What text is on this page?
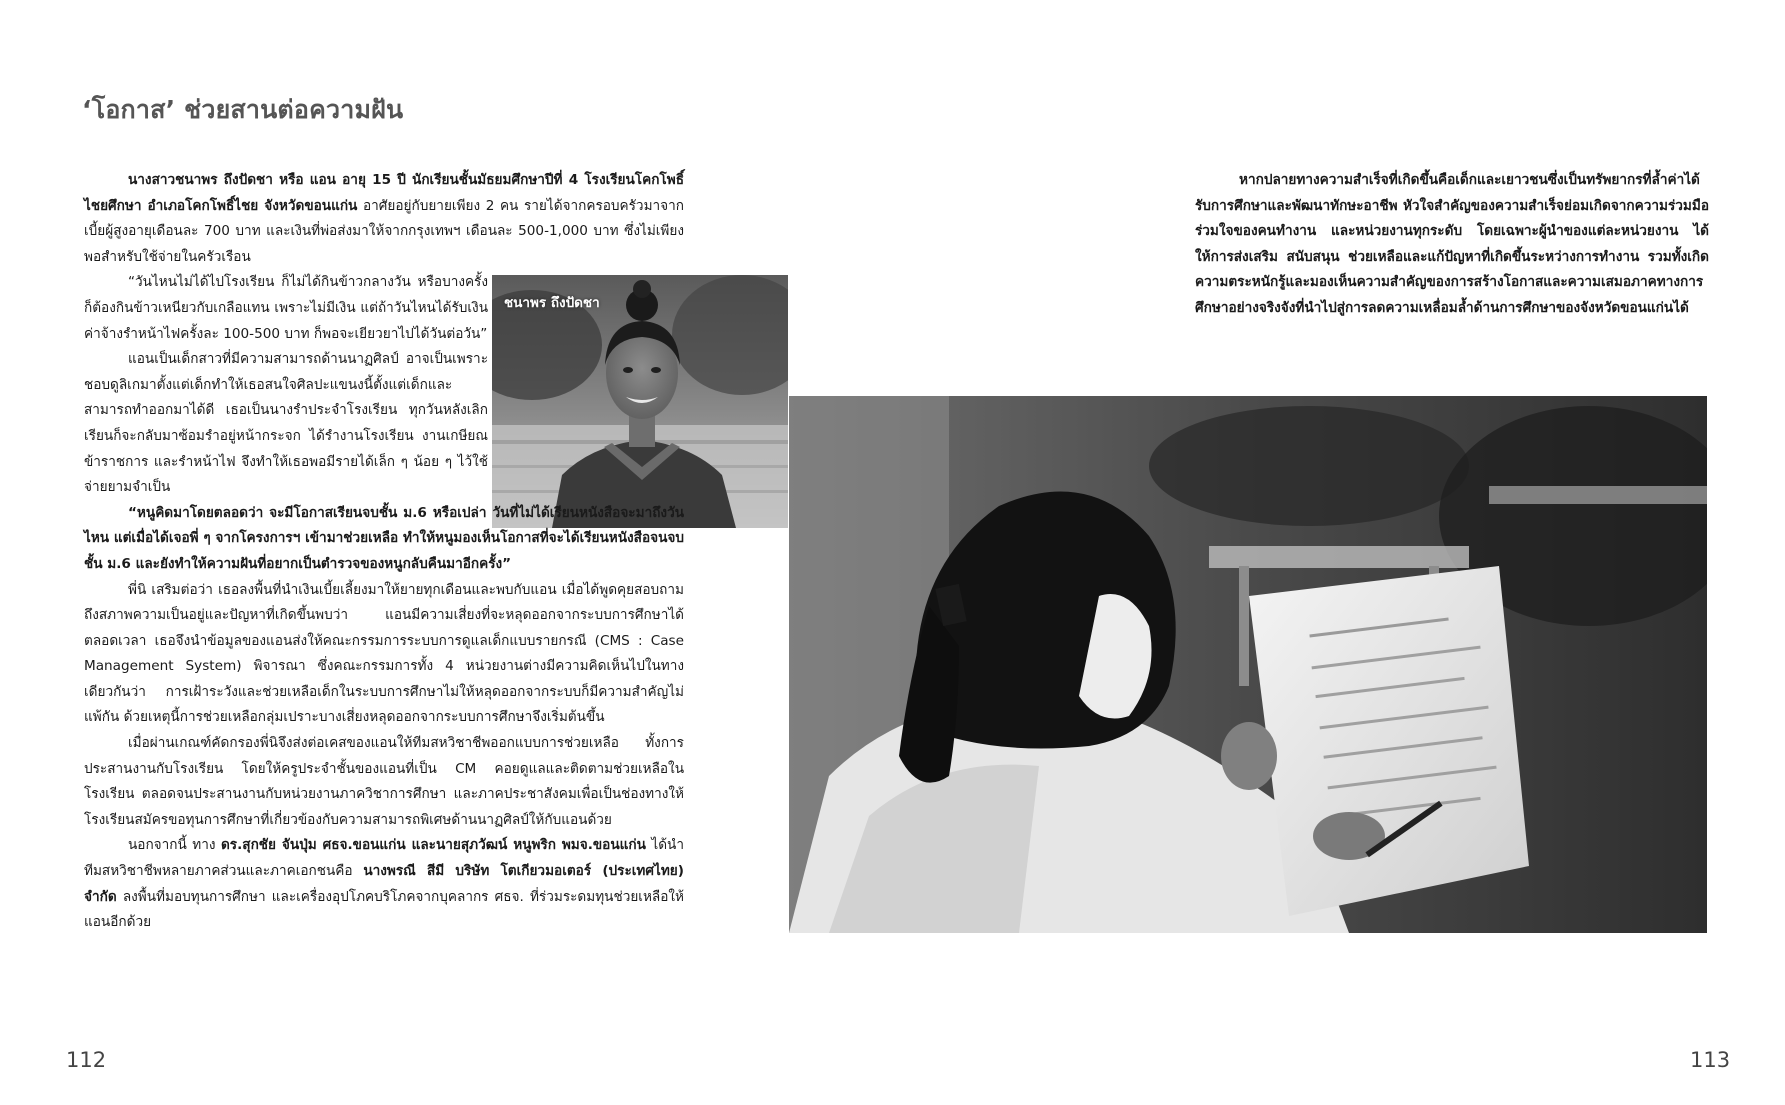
‘โอกาส’ ช่วยสานต่อความฝัน
ชนาพร ถึงปัดชา

นางสาวชนาพร ถึงปัดชา หรือ แอน อายุ 15 ปี นักเรียนชั้นมัธยมศึกษาปีที่ 4 โรงเรียนโคกโพธิ์ไชยศึกษา อำเภอโคกโพธิ์ไชย จังหวัดขอนแก่น อาศัยอยู่กับยายเพียง 2 คน รายได้จากครอบครัวมาจากเบี้ยผู้สูงอายุเดือนละ 700 บาท และเงินที่พ่อส่งมาให้จากกรุงเทพฯ เดือนละ 500-1,000 บาท ซึ่งไม่เพียงพอสำหรับใช้จ่ายในครัวเรือน

“วันไหนไม่ได้ไปโรงเรียน ก็ไม่ได้กินข้าวกลางวัน หรือบางครั้งก็ต้องกินข้าวเหนียวกับเกลือแทน เพราะไม่มีเงิน แต่ถ้าวันไหนได้รับเงินค่าจ้างรำหน้าไฟครั้งละ 100-500 บาท ก็พอจะเยียวยาไปได้วันต่อวัน”

แอนเป็นเด็กสาวที่มีความสามารถด้านนาฏศิลป์ อาจเป็นเพราะชอบดูลิเกมาตั้งแต่เด็กทำให้เธอสนใจศิลปะแขนงนี้ตั้งแต่เด็กและสามารถทำออกมาได้ดี เธอเป็นนางรำประจำโรงเรียน ทุกวันหลังเลิกเรียนก็จะกลับมาซ้อมรำอยู่หน้ากระจก ได้รำงานโรงเรียน งานเกษียณข้าราชการ และรำหน้าไฟ จึงทำให้เธอพอมีรายได้เล็ก ๆ น้อย ๆ ไว้ใช้จ่ายยามจำเป็น

“หนูคิดมาโดยตลอดว่า จะมีโอกาสเรียนจบชั้น ม.6 หรือเปล่า วันที่ไม่ได้เรียนหนังสือจะมาถึงวันไหน แต่เมื่อได้เจอพี่ ๆ จากโครงการฯ เข้ามาช่วยเหลือ ทำให้หนูมองเห็นโอกาสที่จะได้เรียนหนังสือจนจบชั้น ม.6 และยังทำให้ความฝันที่อยากเป็นตำรวจของหนูกลับคืนมาอีกครั้ง”

พี่นิ เสริมต่อว่า เธอลงพื้นที่นำเงินเบี้ยเลี้ยงมาให้ยายทุกเดือนและพบกับแอน เมื่อได้พูดคุยสอบถามถึงสภาพความเป็นอยู่และปัญหาที่เกิดขึ้นพบว่า แอนมีความเสี่ยงที่จะหลุดออกจากระบบการศึกษาได้ตลอดเวลา เธอจึงนำข้อมูลของแอนส่งให้คณะกรรมการระบบการดูแลเด็กแบบรายกรณี (CMS : Case Management System) พิจารณา ซึ่งคณะกรรมการทั้ง 4 หน่วยงานต่างมีความคิดเห็นไปในทางเดียวกันว่า การเฝ้าระวังและช่วยเหลือเด็กในระบบการศึกษาไม่ให้หลุดออกจากระบบก็มีความสำคัญไม่แพ้กัน ด้วยเหตุนี้การช่วยเหลือกลุ่มเปราะบางเสี่ยงหลุดออกจากระบบการศึกษาจึงเริ่มต้นขึ้น

เมื่อผ่านเกณฑ์คัดกรองพี่นิจึงส่งต่อเคสของแอนให้ทีมสหวิชาชีพออกแบบการช่วยเหลือ ทั้งการประสานงานกับโรงเรียน โดยให้ครูประจำชั้นของแอนที่เป็น CM คอยดูแลและติดตามช่วยเหลือในโรงเรียน ตลอดจนประสานงานกับหน่วยงานภาควิชาการศึกษา และภาคประชาสังคมเพื่อเป็นช่องทางให้โรงเรียนสมัครขอทุนการศึกษาที่เกี่ยวข้องกับความสามารถพิเศษด้านนาฏศิลป์ให้กับแอนด้วย

นอกจากนี้ ทาง ดร.สุกชัย จันปุ่ม ศธจ.ขอนแก่น และนายสุภวัฒน์ หนูพริก พมจ.ขอนแก่น ได้นำทีมสหวิชาชีพหลายภาคส่วนและภาคเอกชนคือ นางพรณี สีมี บริษัท โตเกียวมอเตอร์ (ประเทศไทย) จำกัด ลงพื้นที่มอบทุนการศึกษา และเครื่องอุปโภคบริโภคจากบุคลากร ศธจ. ที่ร่วมระดมทุนช่วยเหลือให้แอนอีกด้วย

หากปลายทางความสำเร็จที่เกิดขึ้นคือเด็กและเยาวชนซึ่งเป็นทรัพยากรที่ล้ำค่าได้รับการศึกษาและพัฒนาทักษะอาชีพ หัวใจสำคัญของความสำเร็จย่อมเกิดจากความร่วมมือร่วมใจของคนทำงาน และหน่วยงานทุกระดับ โดยเฉพาะผู้นำของแต่ละหน่วยงาน ได้ให้การส่งเสริม สนับสนุน ช่วยเหลือและแก้ปัญหาที่เกิดขึ้นระหว่างการทำงาน รวมทั้งเกิดความตระหนักรู้และมองเห็นความสำคัญของการสร้างโอกาสและความเสมอภาคทางการศึกษาอย่างจริงจังที่นำไปสู่การลดความเหลื่อมล้ำด้านการศึกษาของจังหวัดขอนแก่นได้

112	113
